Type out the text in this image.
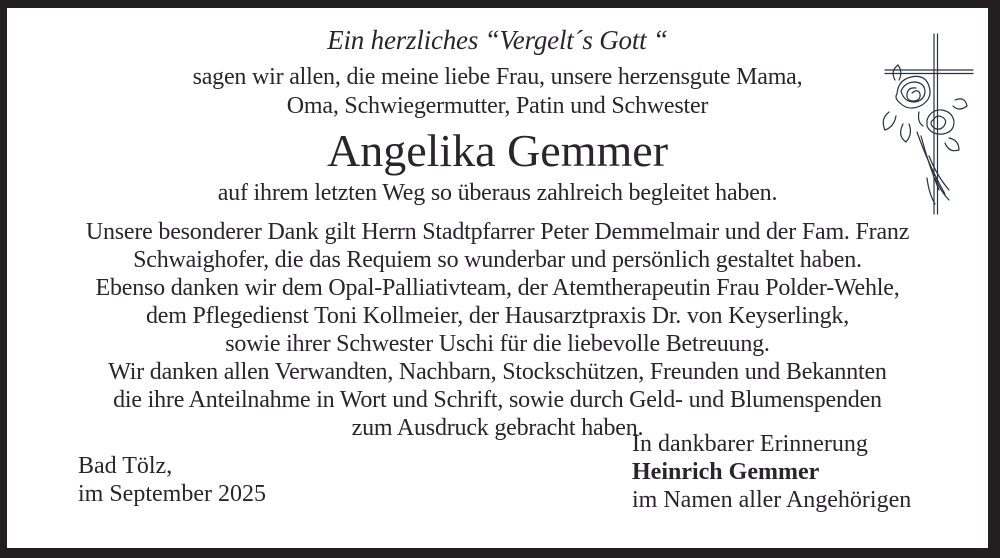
Ein herzliches “Vergelt´s Gott “
sagen wir allen, die meine liebe Frau, unsere herzensgute Mama,
Oma, Schwiegermutter, Patin und Schwester
Angelika Gemmer
auf ihrem letzten Weg so überaus zahlreich begleitet haben.
Unsere besonderer Dank gilt Herrn Stadtpfarrer Peter Demmelmair und der Fam. Franz
Schwaighofer, die das Requiem so wunderbar und persönlich gestaltet haben.
Ebenso danken wir dem Opal-Palliativteam, der Atemtherapeutin Frau Polder-Wehle,
dem Pflegedienst Toni Kollmeier, der Hausarztpraxis Dr. von Keyserlingk,
sowie ihrer Schwester Uschi für die liebevolle Betreuung.
Wir danken allen Verwandten, Nachbarn, Stockschützen, Freunden und Bekannten
die ihre Anteilnahme in Wort und Schrift, sowie durch Geld- und Blumenspenden
zum Ausdruck gebracht haben.
Bad Tölz,
im September 2025
In dankbarer Erinnerung
Heinrich Gemmer
im Namen aller Angehörigen
